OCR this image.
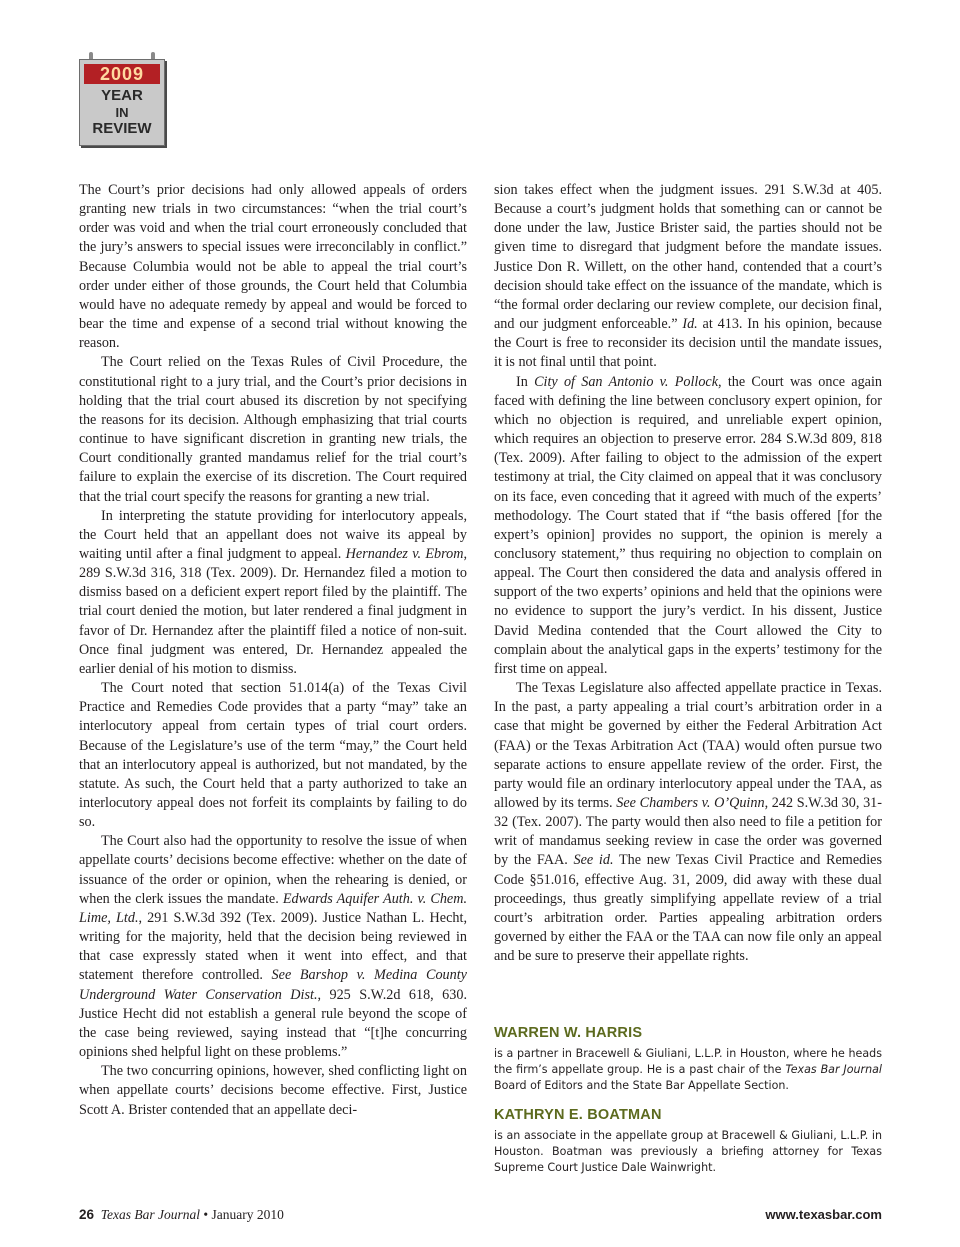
2009
YEAR
IN
REVIEW

The Court’s prior decisions had only allowed appeals of orders granting new trials in two circumstances: “when the trial court’s order was void and when the trial court erroneously concluded that the jury’s answers to special issues were irreconcilably in conflict.” Because Columbia would not be able to appeal the trial court’s order under either of those grounds, the Court held that Columbia would have no adequate remedy by appeal and would be forced to bear the time and expense of a second trial without knowing the reason.

The Court relied on the Texas Rules of Civil Procedure, the constitutional right to a jury trial, and the Court’s prior decisions in holding that the trial court abused its discretion by not specifying the reasons for its decision. Although emphasizing that trial courts continue to have significant discretion in granting new trials, the Court conditionally granted mandamus relief for the trial court’s failure to explain the exercise of its discretion. The Court required that the trial court specify the reasons for granting a new trial.

In interpreting the statute providing for interlocutory appeals, the Court held that an appellant does not waive its appeal by waiting until after a final judgment to appeal. Hernandez v. Ebrom, 289 S.W.3d 316, 318 (Tex. 2009). Dr. Hernandez filed a motion to dismiss based on a deficient expert report filed by the plaintiff. The trial court denied the motion, but later rendered a final judgment in favor of Dr. Hernandez after the plaintiff filed a notice of non-suit. Once final judgment was entered, Dr. Hernandez appealed the earlier denial of his motion to dismiss.

The Court noted that section 51.014(a) of the Texas Civil Practice and Remedies Code provides that a party “may” take an interlocutory appeal from certain types of trial court orders. Because of the Legislature’s use of the term “may,” the Court held that an interlocutory appeal is authorized, but not mandated, by the statute. As such, the Court held that a party authorized to take an interlocutory appeal does not forfeit its complaints by failing to do so.

The Court also had the opportunity to resolve the issue of when appellate courts’ decisions become effective: whether on the date of issuance of the order or opinion, when the rehearing is denied, or when the clerk issues the mandate. Edwards Aquifer Auth. v. Chem. Lime, Ltd., 291 S.W.3d 392 (Tex. 2009). Justice Nathan L. Hecht, writing for the majority, held that the decision being reviewed in that case expressly stated when it went into effect, and that statement therefore controlled. See Barshop v. Medina County Underground Water Conservation Dist., 925 S.W.2d 618, 630. Justice Hecht did not establish a general rule beyond the scope of the case being reviewed, saying instead that “[t]he concurring opinions shed helpful light on these problems.”

The two concurring opinions, however, shed conflicting light on when appellate courts’ decisions become effective. First, Justice Scott A. Brister contended that an appellate deci-

sion takes effect when the judgment issues. 291 S.W.3d at 405. Because a court’s judgment holds that something can or cannot be done under the law, Justice Brister said, the parties should not be given time to disregard that judgment before the mandate issues. Justice Don R. Willett, on the other hand, contended that a court’s decision should take effect on the issuance of the mandate, which is “the formal order declaring our review complete, our decision final, and our judgment enforceable.” Id. at 413. In his opinion, because the Court is free to reconsider its decision until the mandate issues, it is not final until that point.

In City of San Antonio v. Pollock, the Court was once again faced with defining the line between conclusory expert opinion, for which no objection is required, and unreliable expert opinion, which requires an objection to preserve error. 284 S.W.3d 809, 818 (Tex. 2009). After failing to object to the admission of the expert testimony at trial, the City claimed on appeal that it was conclusory on its face, even conceding that it agreed with much of the experts’ methodology. The Court stated that if “the basis offered [for the expert’s opinion] provides no support, the opinion is merely a conclusory statement,” thus requiring no objection to complain on appeal. The Court then considered the data and analysis offered in support of the two experts’ opinions and held that the opinions were no evidence to support the jury’s verdict. In his dissent, Justice David Medina contended that the Court allowed the City to complain about the analytical gaps in the experts’ testimony for the first time on appeal.

The Texas Legislature also affected appellate practice in Texas. In the past, a party appealing a trial court’s arbitration order in a case that might be governed by either the Federal Arbitration Act (FAA) or the Texas Arbitration Act (TAA) would often pursue two separate actions to ensure appellate review of the order. First, the party would file an ordinary interlocutory appeal under the TAA, as allowed by its terms. See Chambers v. O’Quinn, 242 S.W.3d 30, 31-32 (Tex. 2007). The party would then also need to file a petition for writ of mandamus seeking review in case the order was governed by the FAA. See id. The new Texas Civil Practice and Remedies Code §51.016, effective Aug. 31, 2009, did away with these dual proceedings, thus greatly simplifying appellate review of a trial court’s arbitration order. Parties appealing arbitration orders governed by either the FAA or the TAA can now file only an appeal and be sure to preserve their appellate rights.

WARREN W. HARRIS

is a partner in Bracewell & Giuliani, L.L.P. in Houston, where he heads the firm’s appellate group. He is a past chair of the Texas Bar Journal Board of Editors and the State Bar Appellate Section.

KATHRYN E. BOATMAN

is an associate in the appellate group at Bracewell & Giuliani, L.L.P. in Houston. Boatman was previously a briefing attorney for Texas Supreme Court Justice Dale Wainwright.

26 Texas Bar Journal • January 2010	www.texasbar.com
